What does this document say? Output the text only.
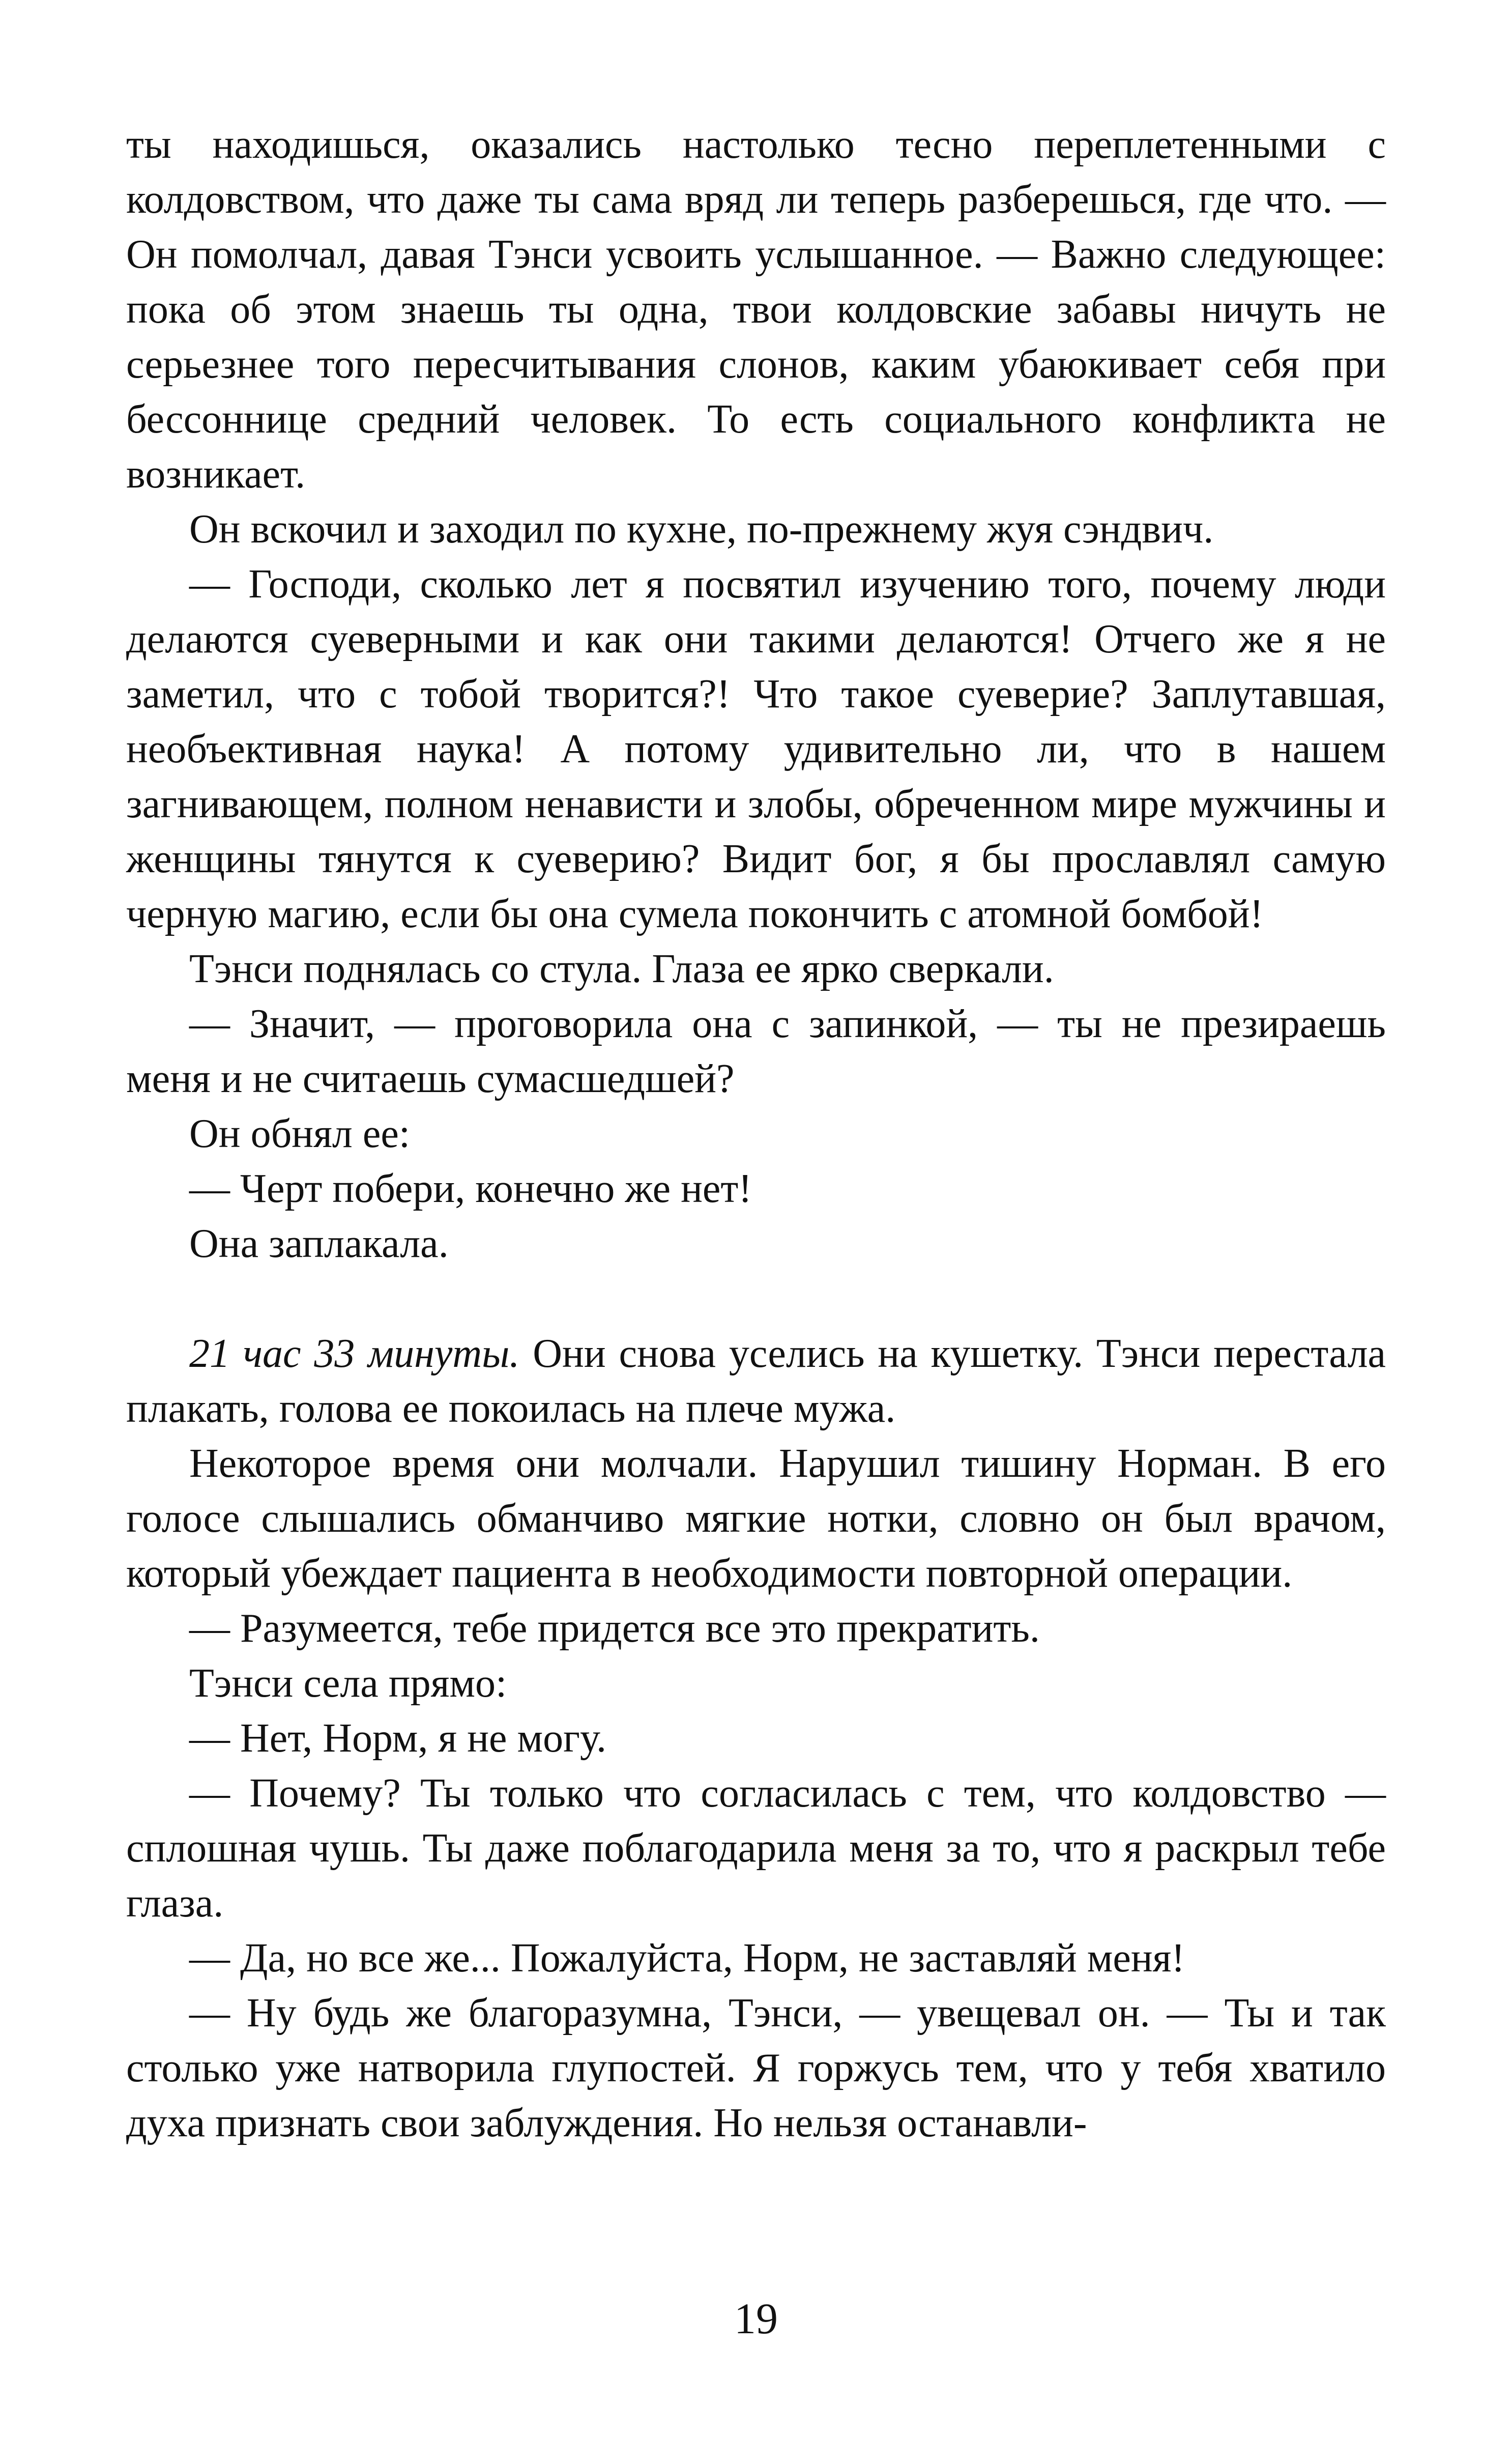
ты находишься, оказались настолько тесно переплетенными с колдовством, что даже ты сама вряд ли теперь разберешься, где что. — Он помолчал, давая Тэнси усвоить услышанное. — Важно следующее: пока об этом знаешь ты одна, твои колдовские забавы ничуть не серьезнее того пересчитывания слонов, каким убаюкивает себя при бессоннице средний человек. То есть социального конфликта не возникает.

Он вскочил и заходил по кухне, по-прежнему жуя сэндвич.

— Господи, сколько лет я посвятил изучению того, почему люди делаются суеверными и как они такими делаются! Отчего же я не заметил, что с тобой творится?! Что такое суеверие? Заплутавшая, необъективная наука! А потому удивительно ли, что в нашем загнивающем, полном ненависти и злобы, обреченном мире мужчины и женщины тянутся к суеверию? Видит бог, я бы прославлял самую черную магию, если бы она сумела покончить с атомной бомбой!

Тэнси поднялась со стула. Глаза ее ярко сверкали.

— Значит, — проговорила она с запинкой, — ты не презираешь меня и не считаешь сумасшедшей?

Он обнял ее:

— Черт побери, конечно же нет!

Она заплакала.

21 час 33 минуты. Они снова уселись на кушетку. Тэнси перестала плакать, голова ее покоилась на плече мужа.

Некоторое время они молчали. Нарушил тишину Норман. В его голосе слышались обманчиво мягкие нотки, словно он был врачом, который убеждает пациента в необходимости повторной операции.

— Разумеется, тебе придется все это прекратить.

Тэнси села прямо:

— Нет, Норм, я не могу.

— Почему? Ты только что согласилась с тем, что колдовство — сплошная чушь. Ты даже поблагодарила меня за то, что я раскрыл тебе глаза.

— Да, но все же... Пожалуйста, Норм, не заставляй меня!

— Ну будь же благоразумна, Тэнси, — увещевал он. — Ты и так столько уже натворила глупостей. Я горжусь тем, что у тебя хватило духа признать свои заблуждения. Но нельзя останавли-

19
